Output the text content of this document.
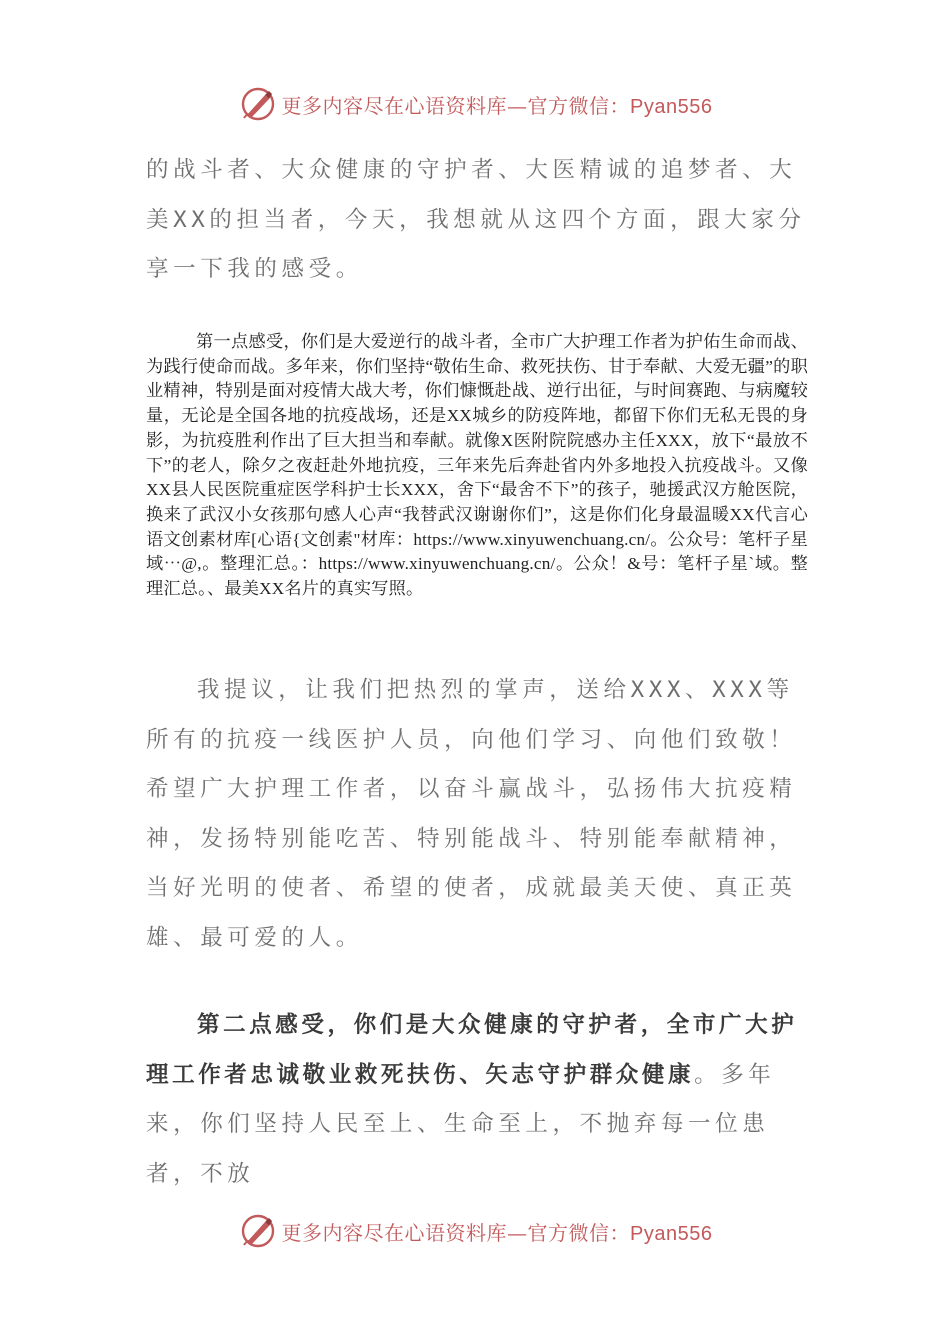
更多内容尽在心语资料库—官方微信：Pyan556

的战斗者、大众健康的守护者、大医精诚的追梦者、大美XX的担当者，今天，我想就从这四个方面，跟大家分享一下我的感受。

第一点感受，你们是大爱逆行的战斗者，全市广大护理工作者为护佑生命而战、为践行使命而战。多年来，你们坚持“敬佑生命、救死扶伤、甘于奉献、大爱无疆”的职业精神，特别是面对疫情大战大考，你们慷慨赴战、逆行出征，与时间赛跑、与病魔较量，无论是全国各地的抗疫战场，还是XX城乡的防疫阵地，都留下你们无私无畏的身影，为抗疫胜利作出了巨大担当和奉献。就像X医附院院感办主任XXX，放下“最放不下”的老人，除夕之夜赶赴外地抗疫，三年来先后奔赴省内外多地投入抗疫战斗。又像XX县人民医院重症医学科护士长XXX，舍下“最舍不下”的孩子，驰援武汉方舱医院，换来了武汉小女孩那句感人心声“我替武汉谢谢你们”，这是你们化身最温暖XX代言心语文创素材库[心语{文创素"材库：https://www.xinyuwenchuang.cn/。公众号：笔杆子星域⋯@,。整理汇总。：https://www.xinyuwenchuang.cn/。公众！&号：笔杆子星`域。整理汇总。、最美XX名片的真实写照。

我提议，让我们把热烈的掌声，送给XXX、XXX等所有的抗疫一线医护人员，向他们学习、向他们致敬！希望广大护理工作者，以奋斗赢战斗，弘扬伟大抗疫精神，发扬特别能吃苦、特别能战斗、特别能奉献精神，当好光明的使者、希望的使者，成就最美天使、真正英雄、最可爱的人。

第二点感受，你们是大众健康的守护者，全市广大护理工作者忠诚敬业救死扶伤、矢志守护群众健康。多年来，你们坚持人民至上、生命至上，不抛弃每一位患者，不放

更多内容尽在心语资料库—官方微信：Pyan556
